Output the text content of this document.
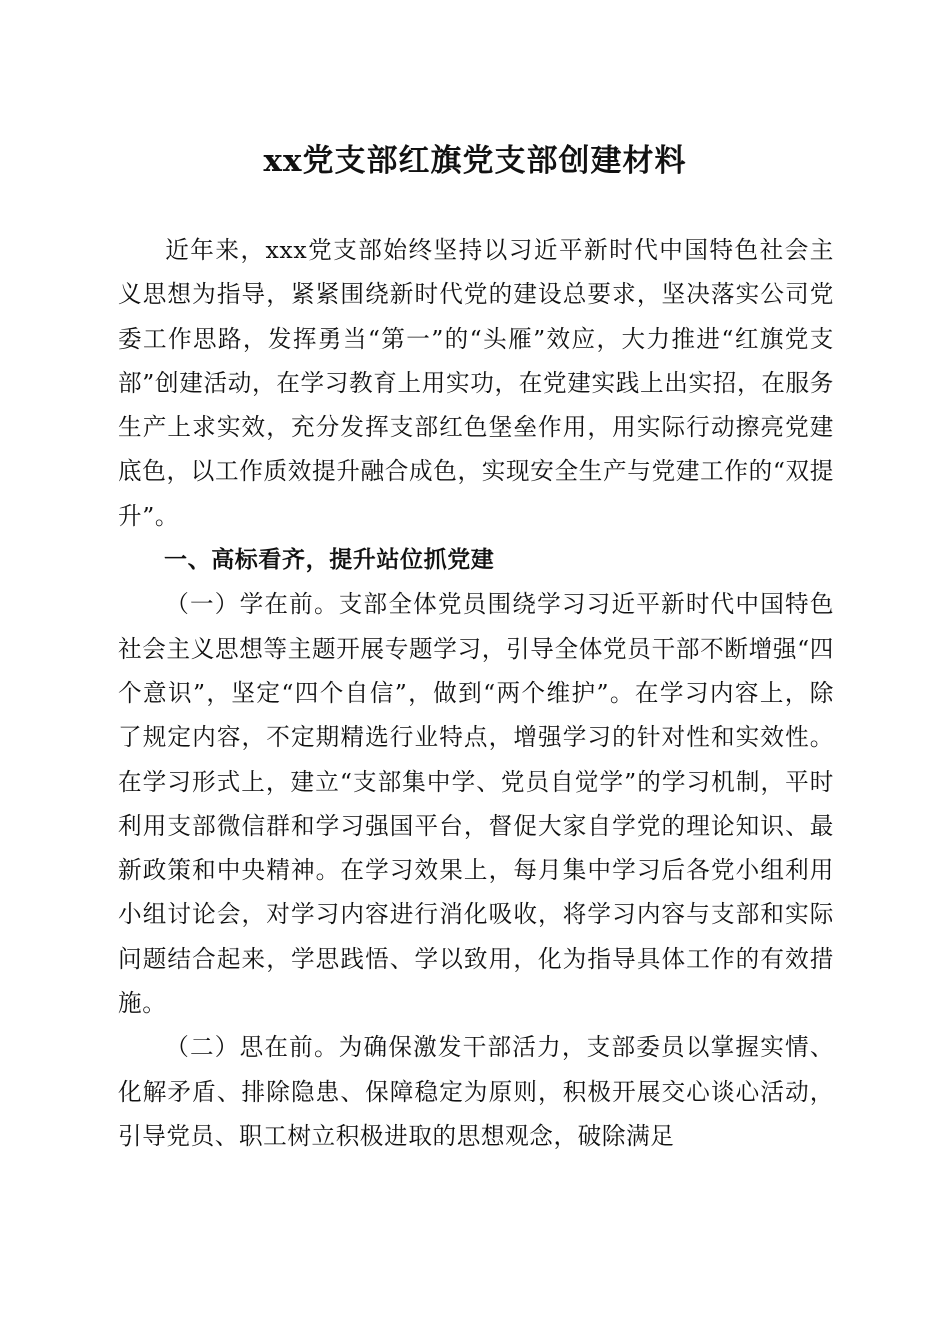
xx党支部红旗党支部创建材料

近年来，xxx党支部始终坚持以习近平新时代中国特色社会主义思想为指导，紧紧围绕新时代党的建设总要求，坚决落实公司党委工作思路，发挥勇当“第一”的“头雁”效应，大力推进“红旗党支部”创建活动，在学习教育上用实功，在党建实践上出实招，在服务生产上求实效，充分发挥支部红色堡垒作用，用实际行动擦亮党建底色，以工作质效提升融合成色，实现安全生产与党建工作的“双提升”。

一、高标看齐，提升站位抓党建

（一）学在前。支部全体党员围绕学习习近平新时代中国特色社会主义思想等主题开展专题学习，引导全体党员干部不断增强“四个意识”，坚定“四个自信”，做到“两个维护”。在学习内容上，除了规定内容，不定期精选行业特点，增强学习的针对性和实效性。在学习形式上，建立“支部集中学、党员自觉学”的学习机制，平时利用支部微信群和学习强国平台，督促大家自学党的理论知识、最新政策和中央精神。在学习效果上，每月集中学习后各党小组利用小组讨论会，对学习内容进行消化吸收，将学习内容与支部和实际问题结合起来，学思践悟、学以致用，化为指导具体工作的有效措施。

（二）思在前。为确保激发干部活力，支部委员以掌握实情、化解矛盾、排除隐患、保障稳定为原则，积极开展交心谈心活动，引导党员、职工树立积极进取的思想观念，破除满足
